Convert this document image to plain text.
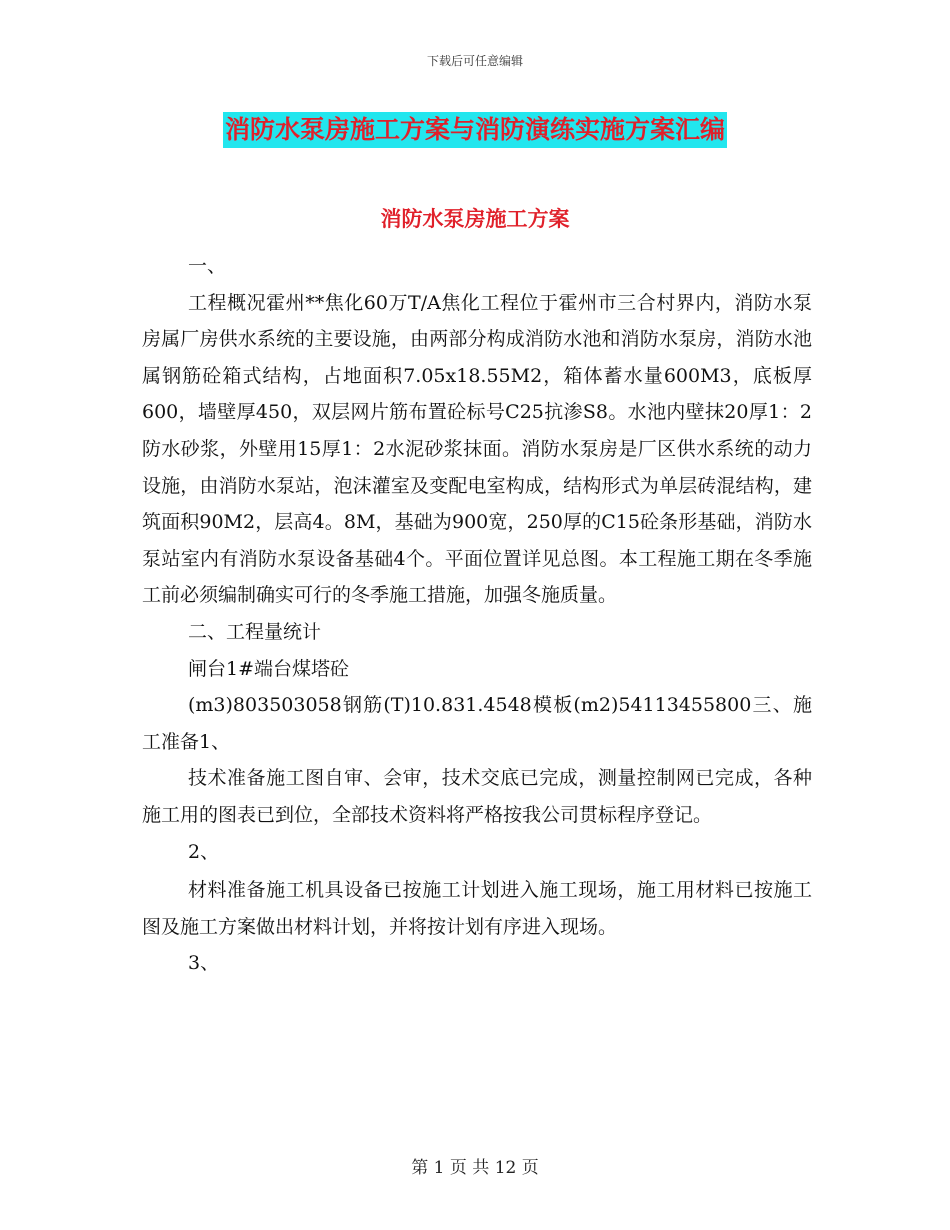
下载后可任意编辑
消防水泵房施工方案与消防演练实施方案汇编
消防水泵房施工方案

一、

工程概况霍州**焦化60万T/A焦化工程位于霍州市三合村界内，消防水泵房属厂房供水系统的主要设施，由两部分构成消防水池和消防水泵房，消防水池属钢筋砼箱式结构，占地面积7.05x18.55M2，箱体蓄水量600M3，底板厚600，墙壁厚450，双层网片筋布置砼标号C25抗渗S8。水池内壁抹20厚1：2防水砂浆，外壁用15厚1：2水泥砂浆抹面。消防水泵房是厂区供水系统的动力设施，由消防水泵站，泡沫灌室及变配电室构成，结构形式为单层砖混结构，建筑面积90M2，层高4。8M，基础为900宽，250厚的C15砼条形基础，消防水泵站室内有消防水泵设备基础4个。平面位置详见总图。本工程施工期在冬季施工前必须编制确实可行的冬季施工措施，加强冬施质量。

二、工程量统计

闸台1#端台煤塔砼

(m3)803503058钢筋(T)10.831.4548模板(m2)54113455800三、施工准备1、

技术准备施工图自审、会审，技术交底已完成，测量控制网已完成，各种施工用的图表已到位，全部技术资料将严格按我公司贯标程序登记。

2、

材料准备施工机具设备已按施工计划进入施工现场，施工用材料已按施工图及施工方案做出材料计划，并将按计划有序进入现场。

3、

第 1 页 共 12 页
